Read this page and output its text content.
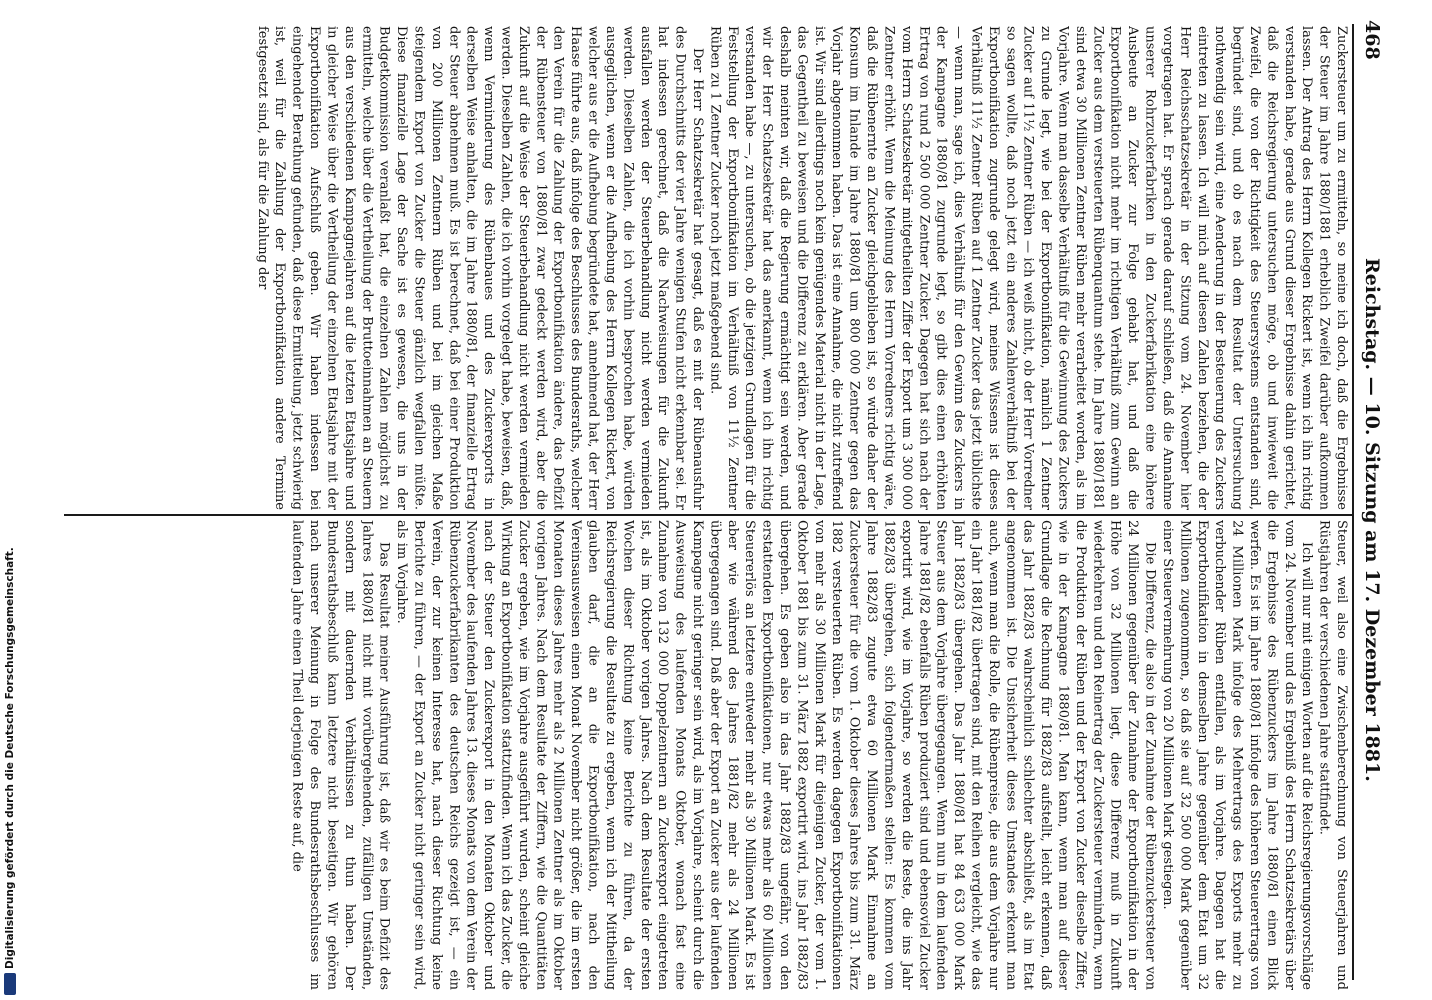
468
Reichstag. — 10. Sitzung am 17. Dezember 1881.

Zuckersteuer um zu ermitteln, so meine ich doch, daß die Ergebnisse der Steuer im Jahre 1880/1881 erheblich Zweifel darüber aufkommen lassen. Der Antrag des Herrn Kollegen Rickert ist, wenn ich ihn richtig verstanden habe, gerade aus Grund dieser Ergebnisse dahin gerichtet, daß die Reichsregierung untersuchen möge, ob und inwieweit die Zweifel, die von der Richtigkeit des Steuersystems entstanden sind, begründet sind, und ob es nach dem Resultat der Untersuchung nothwendig sein wird, eine Aenderung in der Besteuerung des Zuckers eintreten zu lassen. Ich will mich auf diesen Zahlen beziehen, die der Herr Reichsschatzsekretär in der Sitzung vom 24. November hier vorgetragen hat. Er sprach gerade darauf schließen, daß die Annahme unserer Rohrzuckerfabriken in den Zuckerfabrikation eine höhere Ausbeute an Zucker zur Folge gehabt hat, und daß die Exportbonifikation nicht mehr im richtigen Verhältniß zum Gewinn an Zucker aus dem versteuerten Rübenquantum stehe. Im Jahre 1880/1881 sind etwa 30 Millionen Zentner Rüben mehr verarbeitet worden, als im Vorjahre. Wenn man dasselbe Verhältniß für die Gewinnung des Zuckers zu Grunde legt, wie bei der Exportbonifikation, nämlich 1 Zentner Zucker auf 11½ Zentner Rüben — ich weiß nicht, ob der Herr Vorredner so sagen wollte, daß noch jetzt ein anderes Zahlenverhältniß bei der Exportbonifikation zugrunde gelegt wird, meines Wissens ist dieses Verhältniß 11½ Zentner Rüben auf 1 Zentner Zucker das jetzt üblichste — wenn man, sage ich, dies Verhältniß für den Gewinn des Zuckers in der Kampagne 1880/81 zugrunde legt, so gibt dies einen erhöhten Ertrag von rund 2 500 000 Zentner Zucker. Dagegen hat sich nach der vom Herrn Schatzsekretär mitgetheilten Ziffer der Export um 3 300 000 Zentner erhöht. Wenn die Meinung des Herrn Vorredners richtig wäre, daß die Rübenernte an Zucker gleichgeblieben ist, so würde daher der Konsum im Inlande im Jahre 1880/81 um 800 000 Zentner gegen das Vorjahr abgenommen haben. Das ist eine Annahme, die nicht zutreffend ist. Wir sind allerdings noch kein genügendes Material nicht in der Lage, das Gegentheil zu beweisen und die Differenz zu erklären. Aber gerade deshalb meinten wir, daß die Regierung ermächtigt sein werden, und wir der Herr Schatzsekretär hat das anerkannt, wenn ich ihn richtig verstanden habe —, zu untersuchen, ob die jetzigen Grundlagen für die Feststellung der Exportbonifikation im Verhältniß von 11½ Zentner Rüben zu 1 Zentner Zucker noch jetzt maßgebend sind.

Der Herr Schatzsekretär hat gesagt, daß es mit der Rübenausfuhr des Durchschnitts der vier Jahre wenigen Stufen nicht erkennbar sei. Er hat indessen gerechnet, daß die Nachweisungen für die Zukunft ausfallen werden der Steuerbehandlung nicht werden vermieden werden. Dieselben Zahlen, die ich vorhin besprochen habe, würden ausgeglichen, wenn er die Aufhebung des Herrn Kollegen Rickert, von welcher aus er die Aufhebung begründete hat, annehmend hat, der Herr Haase führte aus, daß infolge des Beschlusses des Bundesraths, welcher den Verein für die Zahlung der Exportbonifikation ändere, das Defizit der Rübensteuer von 1880/81 zwar gedeckt werden wird, aber die Zukunft auf die Weise der Steuerbehandlung nicht werden vermieden werden. Dieselben Zahlen, die ich vorhin vorgelegt habe, beweisen, daß, wenn Verminderung des Rübenbaues und des Zuckerexports in derselben Weise anhalten, die im Jahre 1880/81, der finanzielle Ertrag der Steuer abnehmen muß. Es ist berechnet, daß bei einer Produktion von 200 Millionen Zentnern Rüben und bei im gleichen Maße steigendem Export von Zucker die Steuer gänzlich wegfallen müßte. Diese finanzielle Lage der Sache ist es gewesen, die uns in der Budgetkommission veranlaßt hat, die einzelnen Zahlen möglichst zu ermitteln, welche über die Vertheilung der Bruttoeinnahmen an Steuern aus den verschiedenen Kampagnejahren auf die letzten Etatsjahre und in gleicher Weise über die Vertheilung der einzelnen Etatsjahre mit der Exportbonifikation Aufschluß geben. Wir haben indessen bei eingehender Berathung gefunden, daß diese Ermittelung, jetzt schwierig ist, weil für die Zahlung der Exportbonifikation andere Termine festgesetzt sind, als für die Zahlung der

Steuer, weil also eine Zwischenberechnung von Steuerjahren und Rüstjahren der verschiedenen Jahre stattfindet.

Ich will nur mit einigen Worten auf die Reichsregierungsvorschläge vom 24. November und das Ergebniß des Herrn Schatzsekretärs über die Ergebnisse des Rübenzuckers im Jahre 1880/81 einen Blick werfen. Es ist im Jahre 1880/81 infolge des höheren Steuerertrags von 24 Millionen Mark infolge des Mehrertrags des Exports mehr zu verbuchender Rüben entfallen, als im Vorjahre. Dagegen hat die Exportbonifikation in demselben Jahre gegenüber dem Etat um 32 Millionen zugenommen, so daß sie auf 32 500 000 Mark gegenüber einer Steuervermehrung von 20 Millionen Mark gestiegen.

Die Differenz, die also in der Zunahme der Rübenzuckersteuer von 24 Millionen gegenüber der Zunahme der Exportbonifikation in der Höhe von 32 Millionen liegt, diese Differenz muß in Zukunft wiederkehren und den Reinertrag der Zuckersteuer vermindern, wenn die Produktion der Rüben und der Export von Zucker dieselbe Ziffer, wie in der Kampagne 1880/81. Man kann, wenn man auf dieser Grundlage die Rechnung für 1882/83 aufstellt, leicht erkennen, daß das Jahr 1882/83 wahrscheinlich schlechter abschließt, als im Etat angenommen ist. Die Unsicherheit dieses Umstandes erkennt man auch, wenn man die Rolle, die Rübenpreise, die aus dem Vorjahre nur ein Jahr 1881/82 übertragen sind, mit den Reihen vergleicht, wie das Jahr 1882/83 übergehen. Das Jahr 1880/81 hat 84 633 000 Mark Steuer aus dem Vorjahre übergegangen. Wenn nun in dem laufenden Jahre 1881/82 ebenfalls Rüben produziert sind und ebensoviel Zucker exportirt wird, wie im Vorjahre, so werden die Reste, die ins Jahr 1882/83 übergehen, sich folgendermaßen stellen: Es kommen vom Jahre 1882/83 zugute etwa 60 Millionen Mark Einnahme an Zuckersteuer für die vom 1. Oktober dieses Jahres bis zum 31. März 1882 versteuerten Rüben. Es werden dagegen Exportbonifikationen von mehr als 30 Millionen Mark für diejenigen Zucker, der vom 1. Oktober 1881 bis zum 31. März 1882 exportirt wird, ins Jahr 1882/83 übergehen. Es geben also in das Jahr 1882/83 ungefähr, von den erstattenden Exportbonifikationen, nur etwas mehr als 60 Millionen Steuererlös an letztere entweder mehr als 30 Millionen Mark. Es ist aber wie während des Jahres 1881/82 mehr als 24 Millionen übergegangen sind. Daß aber der Export an Zucker aus der laufenden Kampagne nicht geringer sein wird, als im Vorjahre, scheint durch die Ausweisung des laufenden Monats Oktober, wonach fast eine Zunahme von 132 000 Doppelzentnern an Zuckerexport eingetreten ist, als im Oktober vorigen Jahres. Nach dem Resultate der ersten Wochen dieser Richtung keine Berichte zu führen, da der Reichsregierung die Resultate zu ergeben, wenn ich der Mittheilung glauben darf, die an die Exportbonifikation, nach den Vereinsausweisen einen Monat November nicht größer, die im ersten Monaten dieses Jahres mehr als 2 Millionen Zentner als im Oktober vorigen Jahres. Nach dem Resultate der Ziffern, wie die Quantitäten Zucker ergeben, wie im Vorjahre ausgeführt wurden, scheint gleiche Wirkung an Exportbonifikation stattzufinden. Wenn ich das Zucker, die nach der Steuer den Zuckerexport in den Monaten Oktober und November des laufenden Jahres 13. dieses Monats von dem Verein der Rübenzuckerfabrikanten des deutschen Reichs gezeigt ist, — ein Verein, der zur keinen Interesse hat, nach dieser Richtung keine Berichte zu führen, — der Export an Zucker nicht geringer sein wird, als im Vorjahre.

Das Resultat meiner Ausführung ist, daß wir es beim Defizit des Jahres 1880/81 nicht mit vorübergehenden, zufälligen Umständen, sondern mit dauernden Verhältnissen zu thun haben. Der Bundesrathsbeschluß kann letztere nicht beseitigen. Wir gehören nach unserer Meinung in Folge des Bundesrathsbeschlusses im laufenden Jahre einen Theil derjenigen Reste auf, die

Digitalisierung gefördert durch die Deutsche Forschungsgemeinschaft.
